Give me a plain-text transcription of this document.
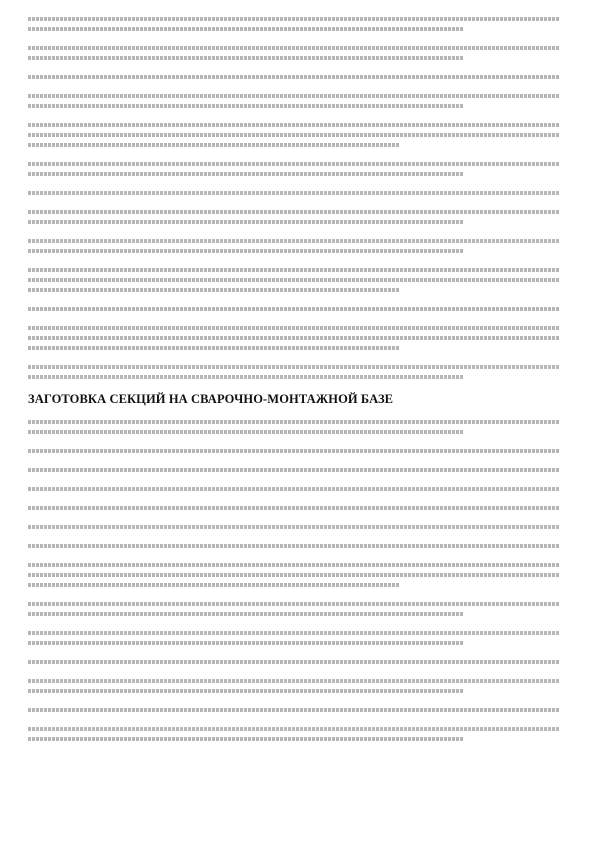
ЗАГОТОВКА СЕКЦИЙ НА СВАРОЧНО-МОНТАЖНОЙ БАЗЕ
